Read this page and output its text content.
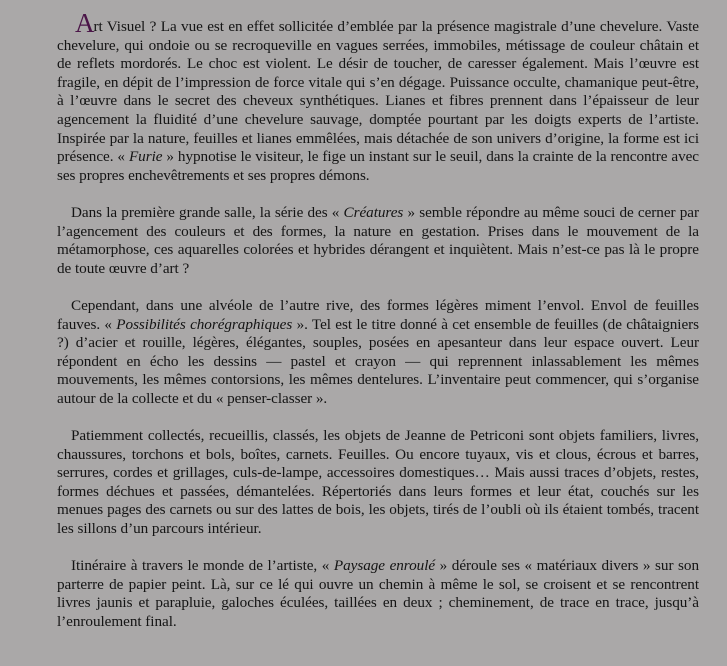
Art Visuel ? La vue est en effet sollicitée d’emblée par la présence magistrale d’une chevelure. Vaste chevelure, qui ondoie ou se recroqueville en vagues serrées, immobiles, métissage de couleur châtain et de reflets mordorés. Le choc est violent. Le désir de toucher, de caresser également. Mais l’œuvre est fragile, en dépit de l’impression de force vitale qui s’en dégage. Puissance occulte, chamanique peut-être, à l’œuvre dans le secret des cheveux synthétiques. Lianes et fibres prennent dans l’épaisseur de leur agencement la fluidité d’une chevelure sauvage, domptée pourtant par les doigts experts de l’artiste. Inspirée par la nature, feuilles et lianes emmêlées, mais détachée de son univers d’origine, la forme est ici présence. « Furie » hypnotise le visiteur, le fige un instant sur le seuil, dans la crainte de la rencontre avec ses propres enchevêtrements et ses propres démons.

Dans la première grande salle, la série des « Créatures » semble répondre au même souci de cerner par l’agencement des couleurs et des formes, la nature en gestation. Prises dans le mouvement de la métamorphose, ces aquarelles colorées et hybrides dérangent et inquiètent. Mais n’est-ce pas là le propre de toute œuvre d’art ?

Cependant, dans une alvéole de l’autre rive, des formes légères miment l’envol. Envol de feuilles fauves. « Possibilités chorégraphiques ». Tel est le titre donné à cet ensemble de feuilles (de châtaigniers ?) d’acier et rouille, légères, élégantes, souples, posées en apesanteur dans leur espace ouvert. Leur répondent en écho les dessins — pastel et crayon — qui reprennent inlassablement les mêmes mouvements, les mêmes contorsions, les mêmes dentelures. L’inventaire peut commencer, qui s’organise autour de la collecte et du « penser-classer ».

Patiemment collectés, recueillis, classés, les objets de Jeanne de Petriconi sont objets familiers, livres, chaussures, torchons et bols, boîtes, carnets. Feuilles. Ou encore tuyaux, vis et clous, écrous et barres, serrures, cordes et grillages, culs-de-lampe, accessoires domestiques… Mais aussi traces d’objets, restes, formes déchues et passées, démantelées. Répertoriés dans leurs formes et leur état, couchés sur les menues pages des carnets ou sur des lattes de bois, les objets, tirés de l’oubli où ils étaient tombés, tracent les sillons d’un parcours intérieur.

Itinéraire à travers le monde de l’artiste, « Paysage enroulé » déroule ses « matériaux divers » sur son parterre de papier peint. Là, sur ce lé qui ouvre un chemin à même le sol, se croisent et se rencontrent livres jaunis et parapluie, galoches éculées, taillées en deux ; cheminement, de trace en trace, jusqu’à l’enroulement final.
